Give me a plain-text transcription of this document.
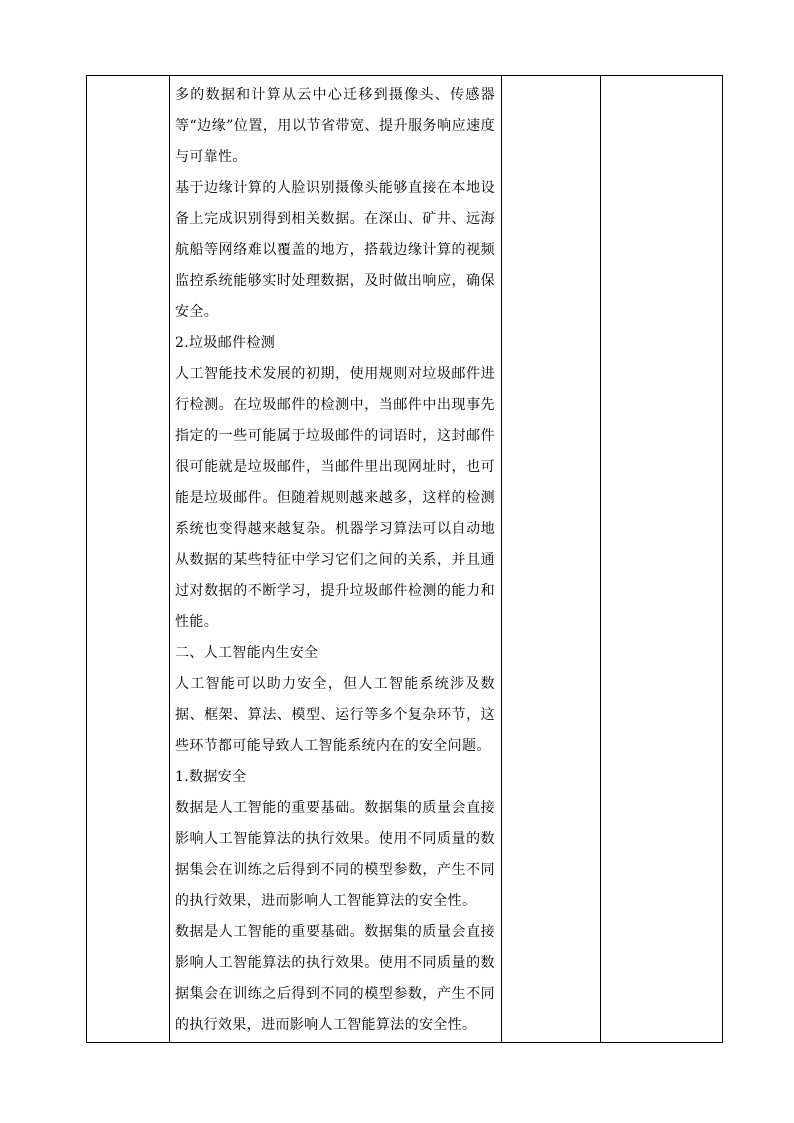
多的数据和计算从云中心迁移到摄像头、传感器等“边缘”位置，用以节省带宽、提升服务响应速度与可靠性。

基于边缘计算的人脸识别摄像头能够直接在本地设备上完成识别得到相关数据。在深山、矿井、远海航船等网络难以覆盖的地方，搭载边缘计算的视频监控系统能够实时处理数据，及时做出响应，确保安全。

2.垃圾邮件检测

人工智能技术发展的初期，使用规则对垃圾邮件进行检测。在垃圾邮件的检测中，当邮件中出现事先指定的一些可能属于垃圾邮件的词语时，这封邮件很可能就是垃圾邮件，当邮件里出现网址时，也可能是垃圾邮件。但随着规则越来越多，这样的检测系统也变得越来越复杂。机器学习算法可以自动地从数据的某些特征中学习它们之间的关系，并且通过对数据的不断学习，提升垃圾邮件检测的能力和性能。

二、人工智能内生安全

人工智能可以助力安全，但人工智能系统涉及数据、框架、算法、模型、运行等多个复杂环节，这些环节都可能导致人工智能系统内在的安全问题。

1.数据安全

数据是人工智能的重要基础。数据集的质量会直接影响人工智能算法的执行效果。使用不同质量的数据集会在训练之后得到不同的模型参数，产生不同的执行效果，进而影响人工智能算法的安全性。

数据是人工智能的重要基础。数据集的质量会直接影响人工智能算法的执行效果。使用不同质量的数据集会在训练之后得到不同的模型参数，产生不同的执行效果，进而影响人工智能算法的安全性。
